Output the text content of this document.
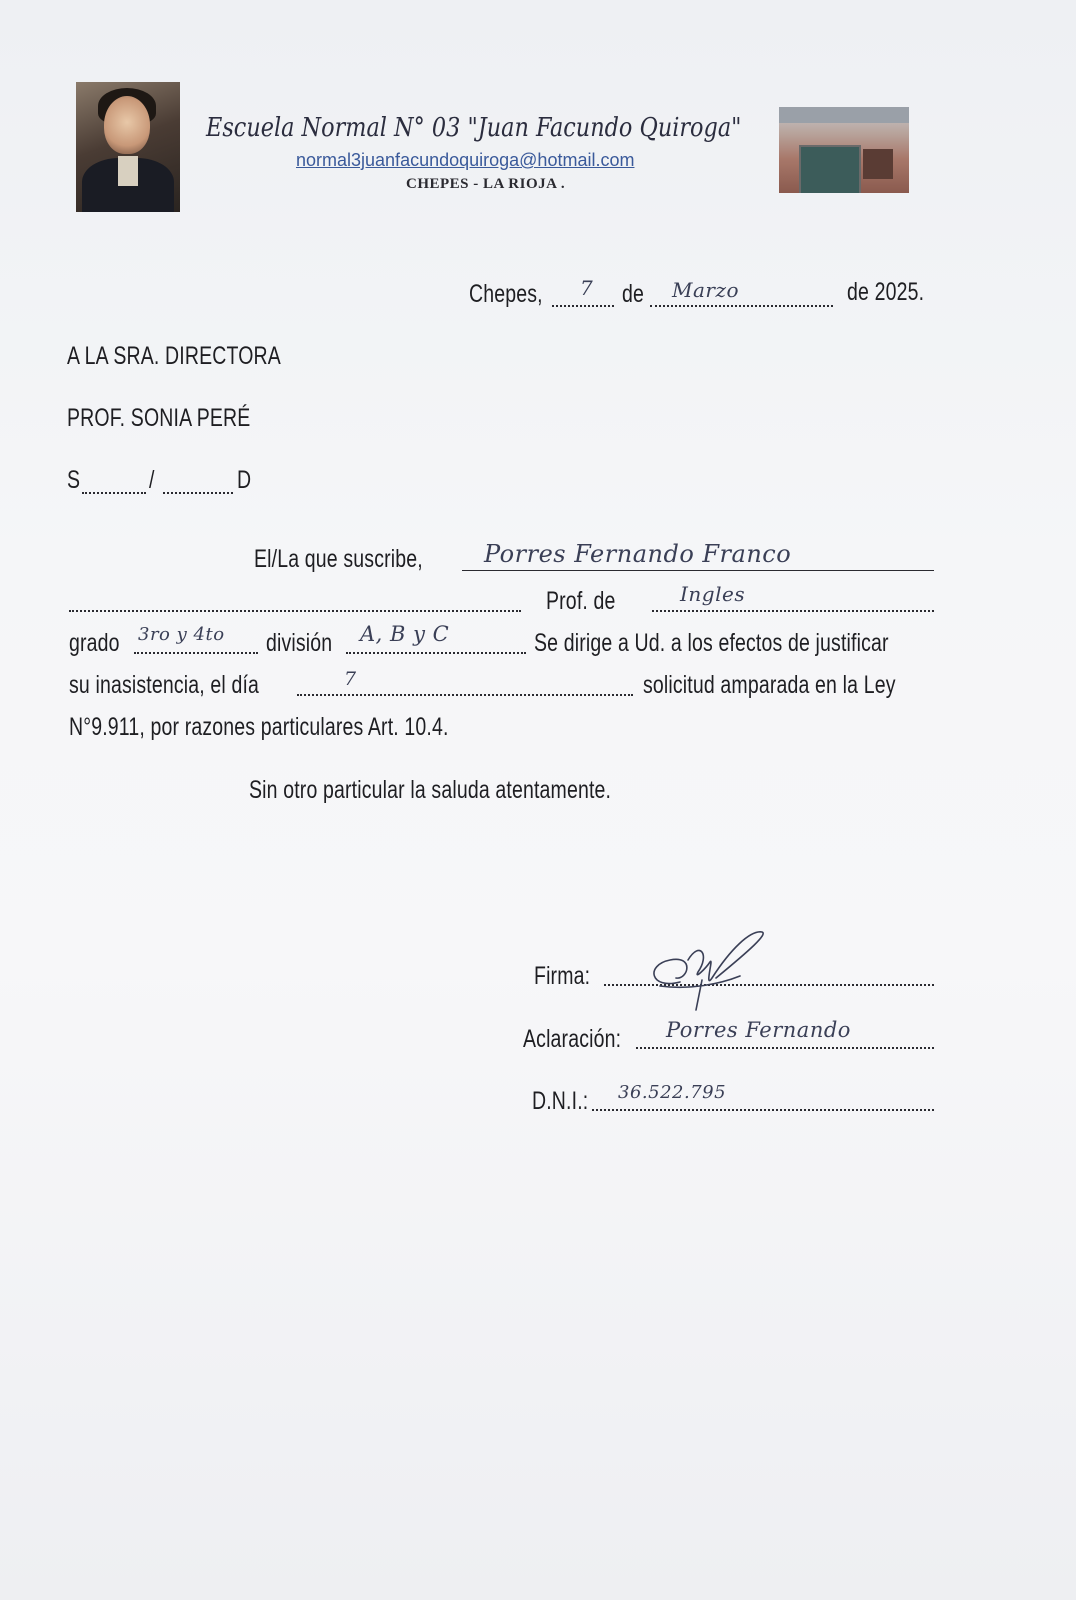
Escuela Normal N° 03 "Juan Facundo Quiroga"
normal3juanfacundoquiroga@hotmail.com
CHEPES - LA RIOJA .
Chepes, 7 de Marzo	de 2025.
A LA SRA. DIRECTORA
PROF. SONIA PERÉ
S	/	D
El/La que suscribe,	Porres Fernando Franco
Prof. de	Ingles
grado 3ro y 4to división A, B y C	Se dirige a Ud. a los efectos de justificar
su inasistencia, el día	7	solicitud amparada en la Ley
N°9.911, por razones particulares Art. 10.4.
Sin otro particular la saluda atentamente.
Firma:
Aclaración: Porres Fernando
D.N.I.: 36.522.795
